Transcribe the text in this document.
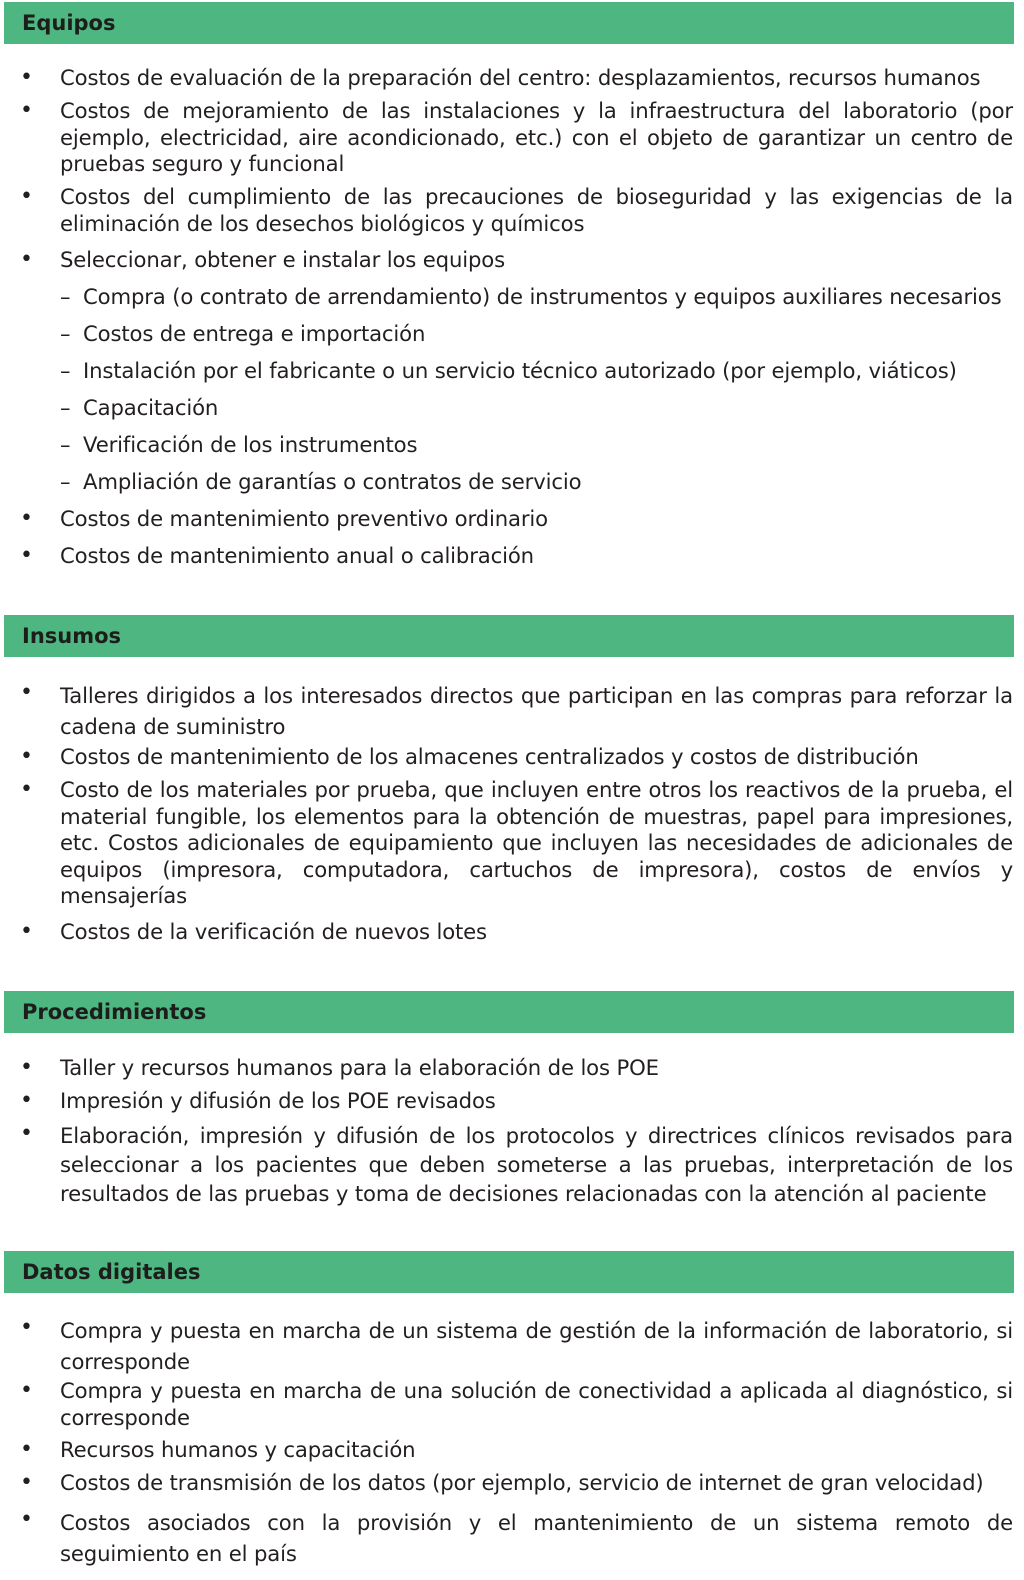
Equipos
• Costos de evaluación de la preparación del centro: desplazamientos, recursos humanos
• Costos de mejoramiento de las instalaciones y la infraestructura del laboratorio (por ejemplo, electricidad, aire acondicionado, etc.) con el objeto de garantizar un centro de pruebas seguro y funcional
• Costos del cumplimiento de las precauciones de bioseguridad y las exigencias de la eliminación de los desechos biológicos y químicos
• Seleccionar, obtener e instalar los equipos
– Compra (o contrato de arrendamiento) de instrumentos y equipos auxiliares necesarios
– Costos de entrega e importación
– Instalación por el fabricante o un servicio técnico autorizado (por ejemplo, viáticos)
– Capacitación
– Verificación de los instrumentos
– Ampliación de garantías o contratos de servicio
• Costos de mantenimiento preventivo ordinario
• Costos de mantenimiento anual o calibración
Insumos
• Talleres dirigidos a los interesados directos que participan en las compras para reforzar la cadena de suministro
• Costos de mantenimiento de los almacenes centralizados y costos de distribución
• Costo de los materiales por prueba, que incluyen entre otros los reactivos de la prueba, el material fungible, los elementos para la obtención de muestras, papel para impresiones, etc. Costos adicionales de equipamiento que incluyen las necesidades de adicionales de equipos (impresora, computadora, cartuchos de impresora), costos de envíos y mensajerías
• Costos de la verificación de nuevos lotes
Procedimientos
• Taller y recursos humanos para la elaboración de los POE
• Impresión y difusión de los POE revisados
• Elaboración, impresión y difusión de los protocolos y directrices clínicos revisados para seleccionar a los pacientes que deben someterse a las pruebas, interpretación de los resultados de las pruebas y toma de decisiones relacionadas con la atención al paciente
Datos digitales
• Compra y puesta en marcha de un sistema de gestión de la información de laboratorio, si corresponde
• Compra y puesta en marcha de una solución de conectividad a aplicada al diagnóstico, si corresponde
• Recursos humanos y capacitación
• Costos de transmisión de los datos (por ejemplo, servicio de internet de gran velocidad)
• Costos asociados con la provisión y el mantenimiento de un sistema remoto de seguimiento en el país
